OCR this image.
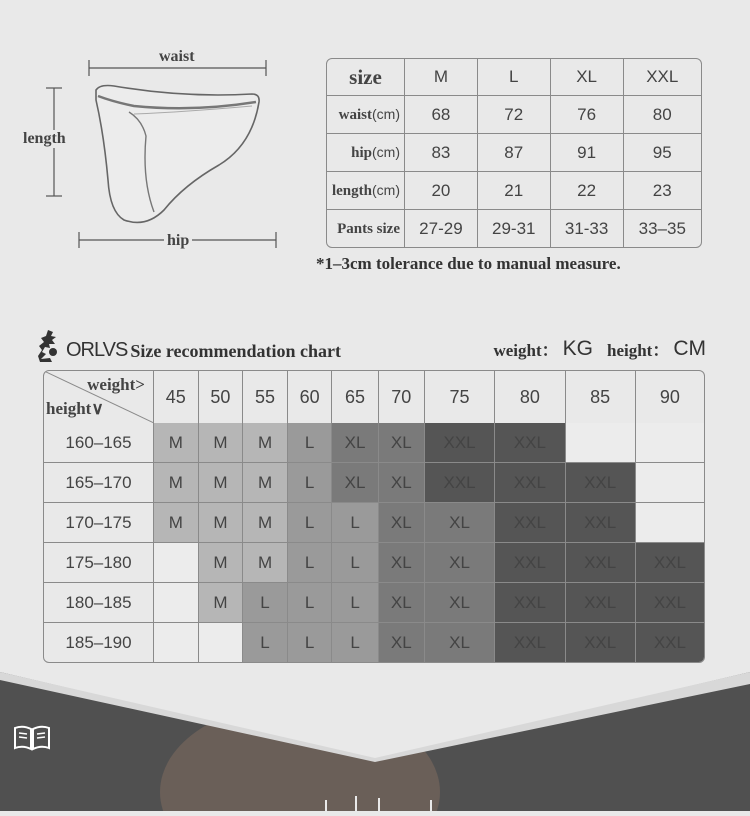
waist
length
hip
size	M	L	XL	XXL
waist(cm)	68	72	76	80
hip(cm)	83	87	91	95
length(cm)	20	21	22	23
Pants size	27-29	29-31	31-33	33–35
*1–3cm tolerance due to manual measure.
ORLVS Size recommendation chart	weight： KG height： CM
weight>
height∨	45	50	55	60	65	70	75	80	85	90
160–165	M	M	M	L	XL	XL	XXL	XXL		
165–170	M	M	M	L	XL	XL	XXL	XXL	XXL	
170–175	M	M	M	L	L	XL	XL	XXL	XXL	
175–180		M	M	L	L	XL	XL	XXL	XXL	XXL
180–185		M	L	L	L	XL	XL	XXL	XXL	XXL
185–190			L	L	L	XL	XL	XXL	XXL	XXL
